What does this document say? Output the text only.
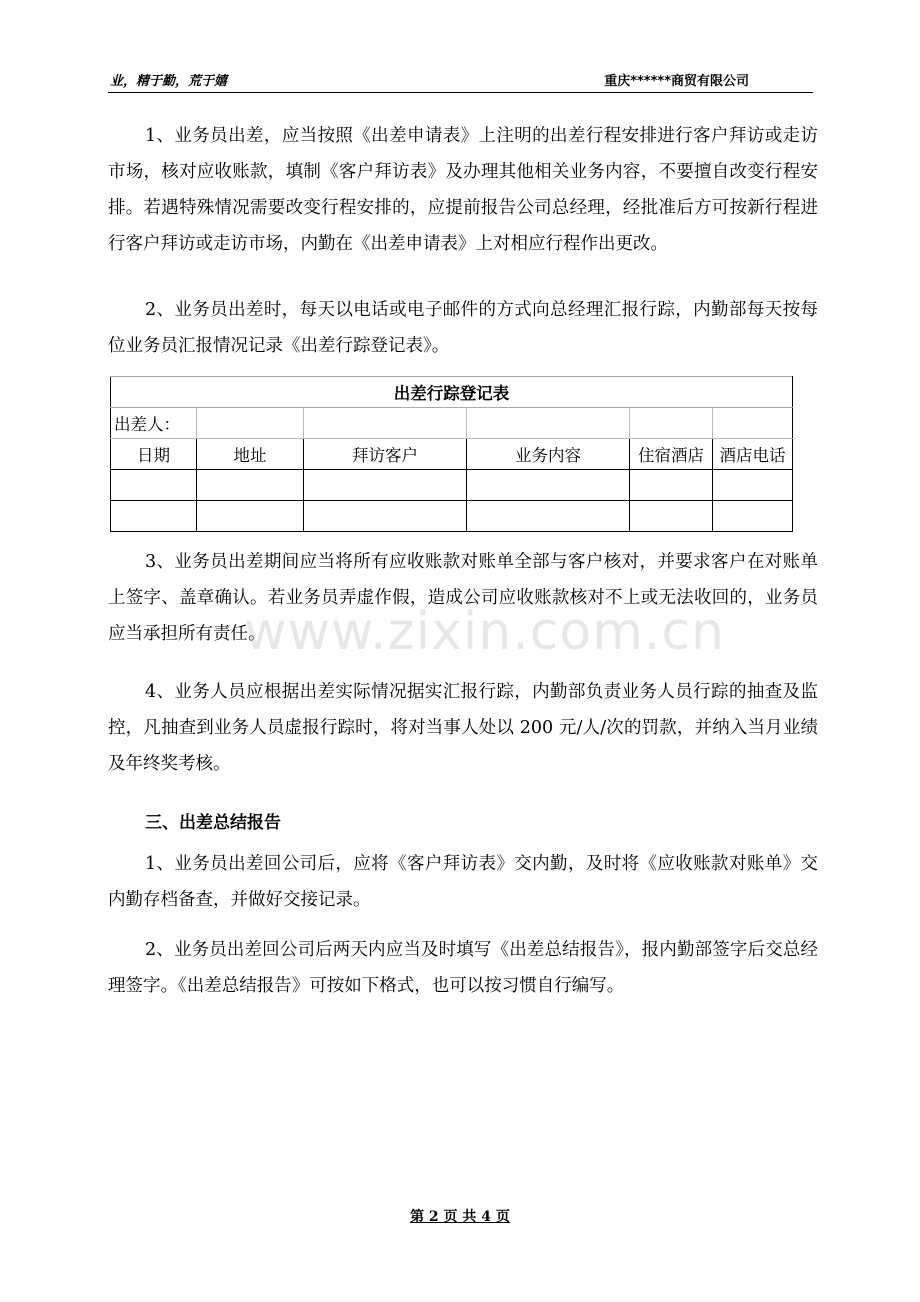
业，精于勤，荒于嬉	重庆******商贸有限公司
1、业务员出差，应当按照《出差申请表》上注明的出差行程安排进行客户拜访或走访市场，核对应收账款，填制《客户拜访表》及办理其他相关业务内容，不要擅自改变行程安排。若遇特殊情况需要改变行程安排的，应提前报告公司总经理，经批准后方可按新行程进行客户拜访或走访市场，内勤在《出差申请表》上对相应行程作出更改。
2、业务员出差时，每天以电话或电子邮件的方式向总经理汇报行踪，内勤部每天按每位业务员汇报情况记录《出差行踪登记表》。
出差行踪登记表					
出差人：					
日期	地址	拜访客户	业务内容	住宿酒店	酒店电话

3、业务员出差期间应当将所有应收账款对账单全部与客户核对，并要求客户在对账单上签字、盖章确认。若业务员弄虚作假，造成公司应收账款核对不上或无法收回的，业务员应当承担所有责任。
www.zixin.com.cn
4、业务人员应根据出差实际情况据实汇报行踪，内勤部负责业务人员行踪的抽查及监控，凡抽查到业务人员虚报行踪时，将对当事人处以 200 元/人/次的罚款，并纳入当月业绩及年终奖考核。
三、出差总结报告
1、业务员出差回公司后，应将《客户拜访表》交内勤，及时将《应收账款对账单》交内勤存档备查，并做好交接记录。
2、业务员出差回公司后两天内应当及时填写《出差总结报告》，报内勤部签字后交总经理签字。《出差总结报告》可按如下格式，也可以按习惯自行编写。
第 2 页 共 4 页
